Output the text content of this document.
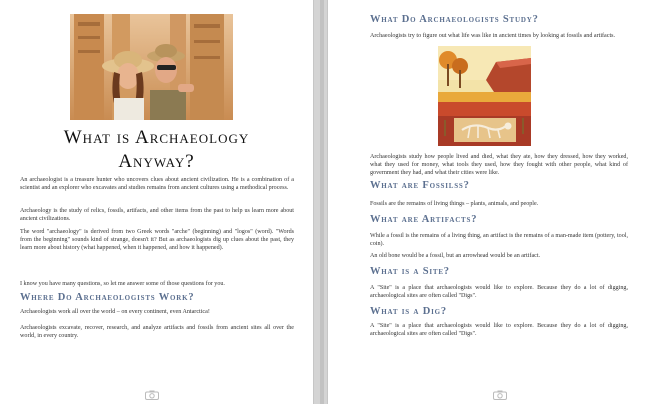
What is Archaeology
Anyway?

An archaeologist is a treasure hunter who uncovers clues about ancient civilization. He is a combination of a scientist and an explorer who excavates and studies remains from ancient cultures using a methodical process.

Archaeology is the study of relics, fossils, artifacts, and other items from the past to help us learn more about ancient civilizations.

The word "archaeology" is derived from two Greek words "arche" (beginning) and "logos" (word). "Words from the beginning" sounds kind of strange, doesn't it? But as archaeologists dig up clues about the past, they learn more about history (what happened, when it happened, and how it happened).

I know you have many questions, so let me answer some of those questions for you.

Where Do Archaeologists Work?

Archaeologists work all over the world – on every continent, even Antarctica!

Archaeologists excavate, recover, research, and analyze artifacts and fossils from ancient sites all over the world, in every country.

What Do Archaeologists Study?

Archaeologists try to figure out what life was like in ancient times by looking at fossils and artifacts.

Archaeologists study how people lived and died, what they ate, how they dressed, how they worked, what they used for money, what tools they used, how they fought with other people, what kind of government they had, and what their cities were like.

What are Fossilss?

Fossils are the remains of living things – plants, animals, and people.

What are Artifacts?

While a fossil is the remains of a living thing, an artifact is the remains of a man-made item (pottery, tool, coin).

An old bone would be a fossil, but an arrowhead would be an artifact.

What is a Site?

A "Site" is a place that archaeologists would like to explore. Because they do a lot of digging, archaeological sites are often called "Digs".

What is a Dig?

A "Site" is a place that archaeologists would like to explore. Because they do a lot of digging, archaeological sites are often called "Digs".
